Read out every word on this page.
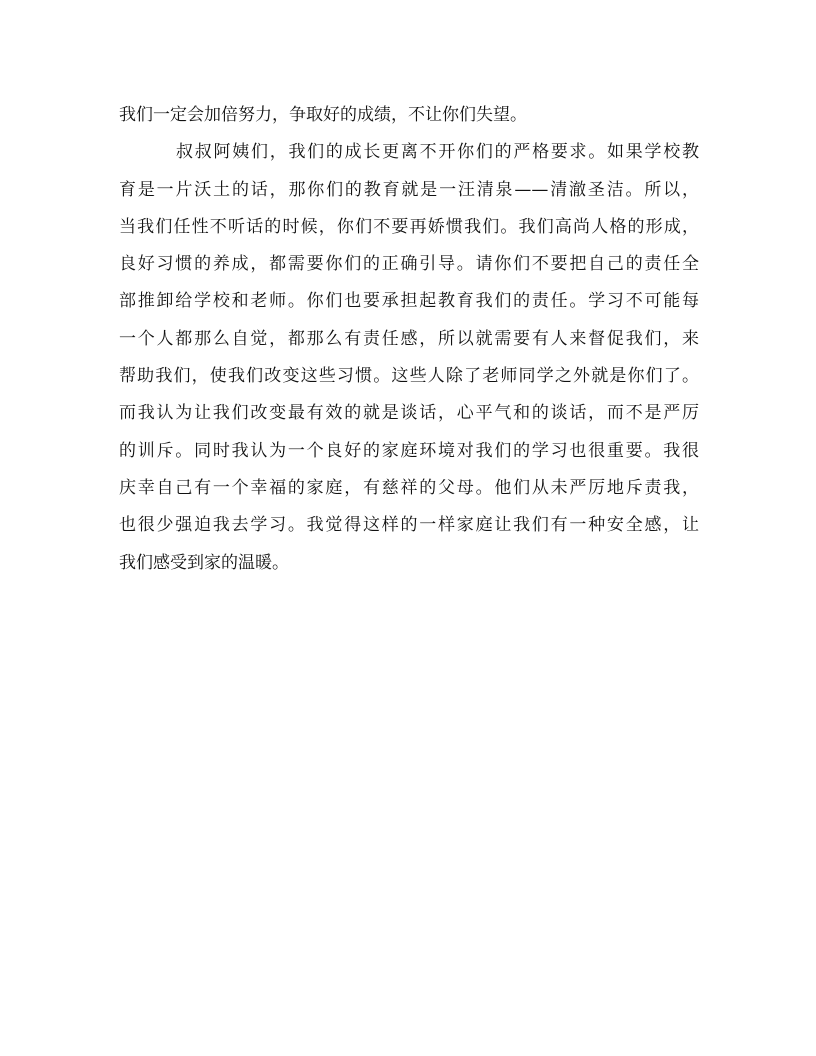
我们一定会加倍努力，争取好的成绩，不让你们失望。
叔叔阿姨们，我们的成长更离不开你们的严格要求。如果学校教
育是一片沃土的话，那你们的教育就是一汪清泉——清澈圣洁。所以，
当我们任性不听话的时候，你们不要再娇惯我们。我们高尚人格的形成，
良好习惯的养成，都需要你们的正确引导。请你们不要把自己的责任全
部推卸给学校和老师。你们也要承担起教育我们的责任。学习不可能每
一个人都那么自觉，都那么有责任感，所以就需要有人来督促我们，来
帮助我们，使我们改变这些习惯。这些人除了老师同学之外就是你们了。
而我认为让我们改变最有效的就是谈话，心平气和的谈话，而不是严厉
的训斥。同时我认为一个良好的家庭环境对我们的学习也很重要。我很
庆幸自己有一个幸福的家庭，有慈祥的父母。他们从未严厉地斥责我，
也很少强迫我去学习。我觉得这样的一样家庭让我们有一种安全感，让
我们感受到家的温暖。
